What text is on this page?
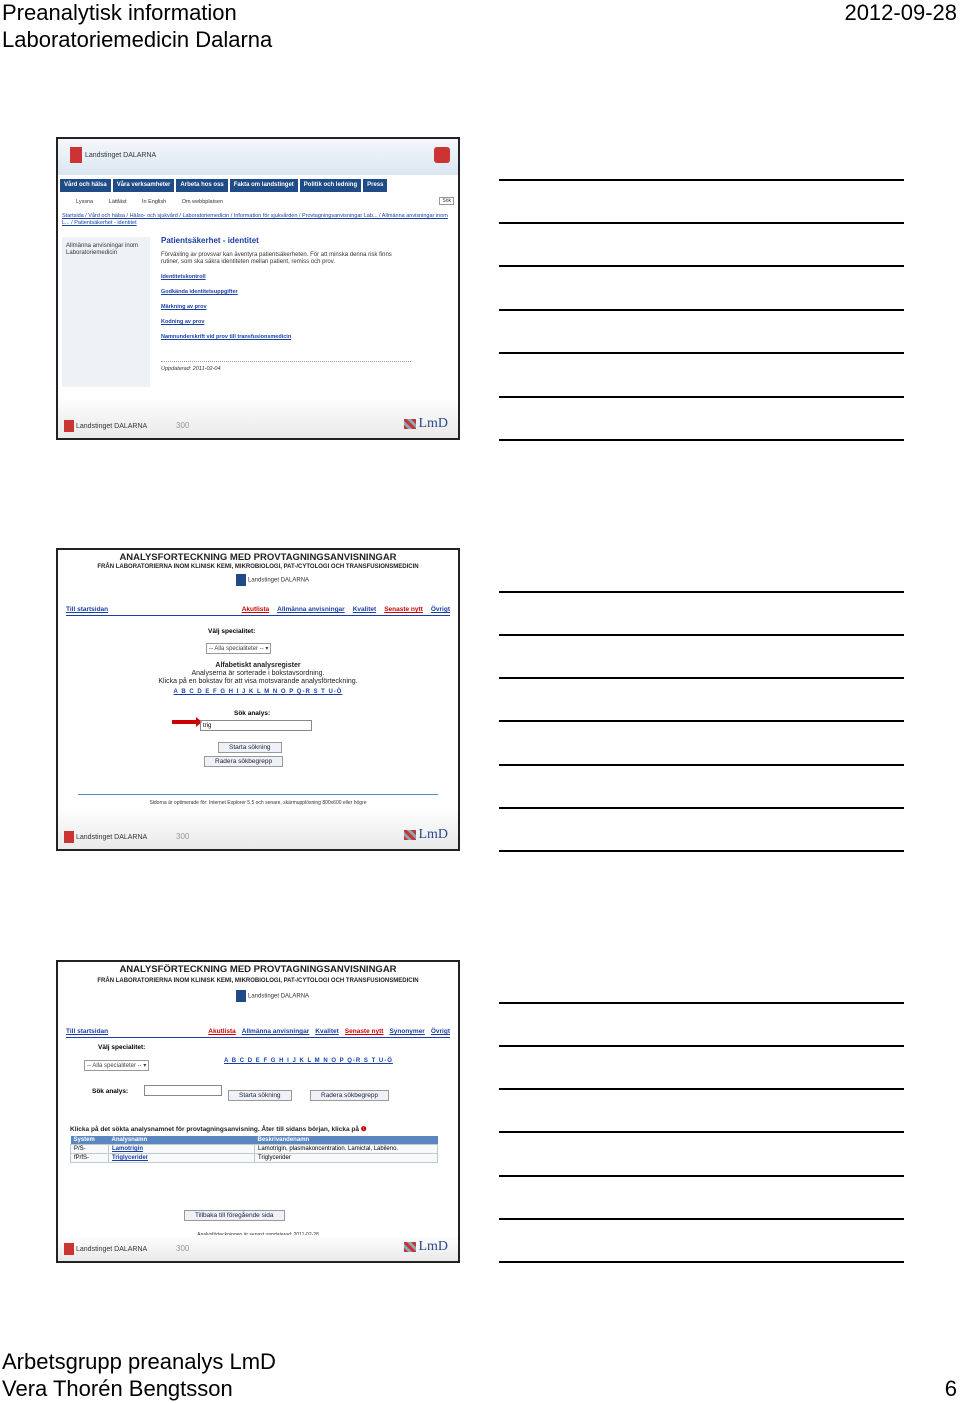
Preanalytisk information
Laboratoriemedicin Dalarna
2012-09-28
Landstinget DALARNA
Vård och hälsa	Våra verksamheter	Arbeta hos oss	Fakta om landstinget	Politik och ledning	Press
Lyssna	Lättläst	In English	Om webbplatsen	Sök
Startsida / Vård och hälsa / Hälso- och sjukvård / Laboratoriemedicin / Information för sjukvården / Provtagningsanvisningar Lab... / Allmänna anvisningar inom L... / Patientsäkerhet - identitet
Allmänna anvisningar inom Laboratoriemedicin
Patientsäkerhet - identitet
Förväxling av provsvar kan äventyra patientsäkerheten. För att minska denna risk finns rutiner, som ska säkra identiteten mellan patient, remiss och prov.
Identitetskontroll
Godkända identitetsuppgifter
Märkning av prov
Kodning av prov
Namnunderskrift vid prov till transfusionsmedicin
Uppdaterad: 2011-02-04
Landstinget DALARNA	300	LmD
ANALYSFORTECKNING MED PROVTAGNINGSANVISNINGAR
FRÅN LABORATORIERNA INOM KLINISK KEMI, MIKROBIOLOGI, PAT-/CYTOLOGI OCH TRANSFUSIONSMEDICIN
Landstinget DALARNA
Till startsidan	Akutlista Allmänna anvisningar Kvalitet Senaste nytt Övrigt
Välj specialitet:
-- Alla specialiteter -- ▾
Alfabetiskt analysregister
Analyserna är sorterade i bokstavsordning.
Klicka på en bokstav för att visa motsvarande analysförteckning.
A B C D E F G H I J K L M N O P Q-R S T U-Ö
Sök analys:
trig
Starta sökning
Radera sökbegrepp
Sidorna är optimerade för: Internet Explorer 5.5 och senare, skärmupplösning 800x600 eller högre
Landstinget DALARNA	300	LmD
ANALYSFÖRTECKNING MED PROVTAGNINGSANVISNINGAR
FRÅN LABORATORIERNA INOM KLINISK KEMI, MIKROBIOLOGI, PAT-/CYTOLOGI OCH TRANSFUSIONSMEDICIN
Landstinget DALARNA
Till startsidan	Akutlista Allmänna anvisningar Kvalitet Senaste nytt Synonymer Övrigt
Välj specialitet:
-- Alla specialiteter -- ▾
A B C D E F G H I J K L M N O P Q-R S T U-Ö
Sök analys:
Starta sökning	Radera sökbegrepp
Klicka på det sökta analysnamnet för provtagningsanvisning. Åter till sidans början, klicka på ❶
System	Analysnamn	Beskrivandenamn
P/S-	Lamotrigin	Lamotrigin, plasmakoncentration. Lamictal, Labileno.
fP/fS-	Triglycerider	Triglycerider
Tillbaka till föregående sida
Landstinget DALARNA	300	LmD
Arbetsgrupp preanalys LmD
Vera Thorén Bengtsson	6
